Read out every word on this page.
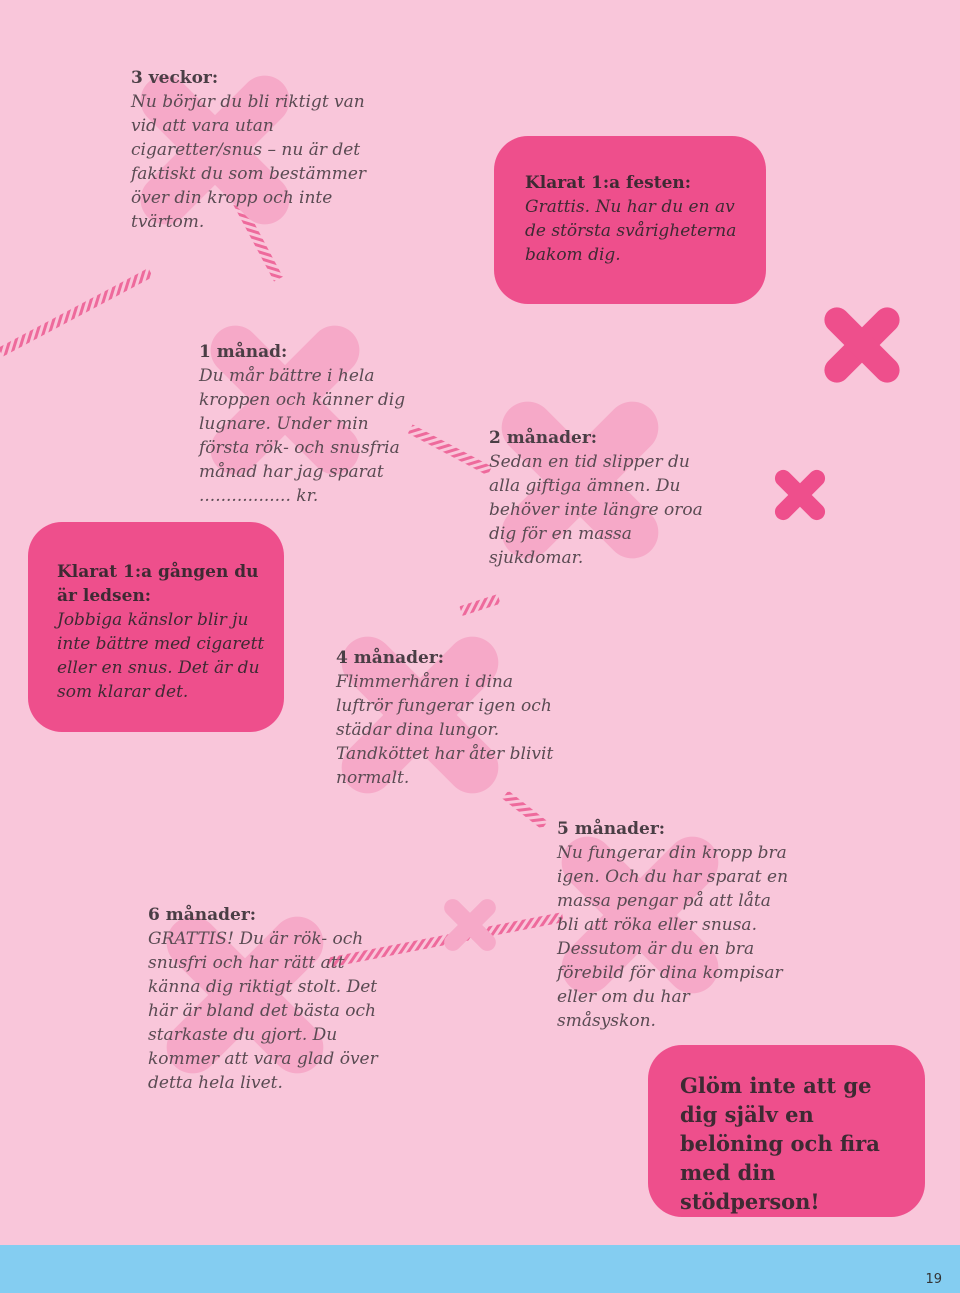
3 veckor:
Nu börjar du bli riktigt van vid att vara utan cigaretter/snus – nu är det faktiskt du som bestämmer över din kropp och inte tvärtom.
1 månad:
Du mår bättre i hela kroppen och känner dig lugnare. Under min första rök- och snusfria månad har jag sparat ................. kr.
2 månader:
Sedan en tid slipper du alla giftiga ämnen. Du behöver inte längre oroa dig för en massa sjukdomar.
4 månader:
Flimmerhåren i dina luftrör fungerar igen och städar dina lungor. Tandköttet har åter blivit normalt.
5 månader:
Nu fungerar din kropp bra igen. Och du har sparat en massa pengar på att låta bli att röka eller snusa. Dessutom är du en bra förebild för dina kompisar eller om du har småsyskon.
6 månader:
GRATTIS! Du är rök- och snusfri och har rätt att känna dig riktigt stolt. Det här är bland det bästa och starkaste du gjort. Du kommer att vara glad över detta hela livet.
Klarat 1:a festen:
Grattis. Nu har du en av de största svårigheterna bakom dig.
Klarat 1:a gången du är ledsen:
Jobbiga känslor blir ju inte bättre med cigarett eller en snus. Det är du som klarar det.
Glöm inte att ge dig själv en belöning och fira med din stödperson!
19
